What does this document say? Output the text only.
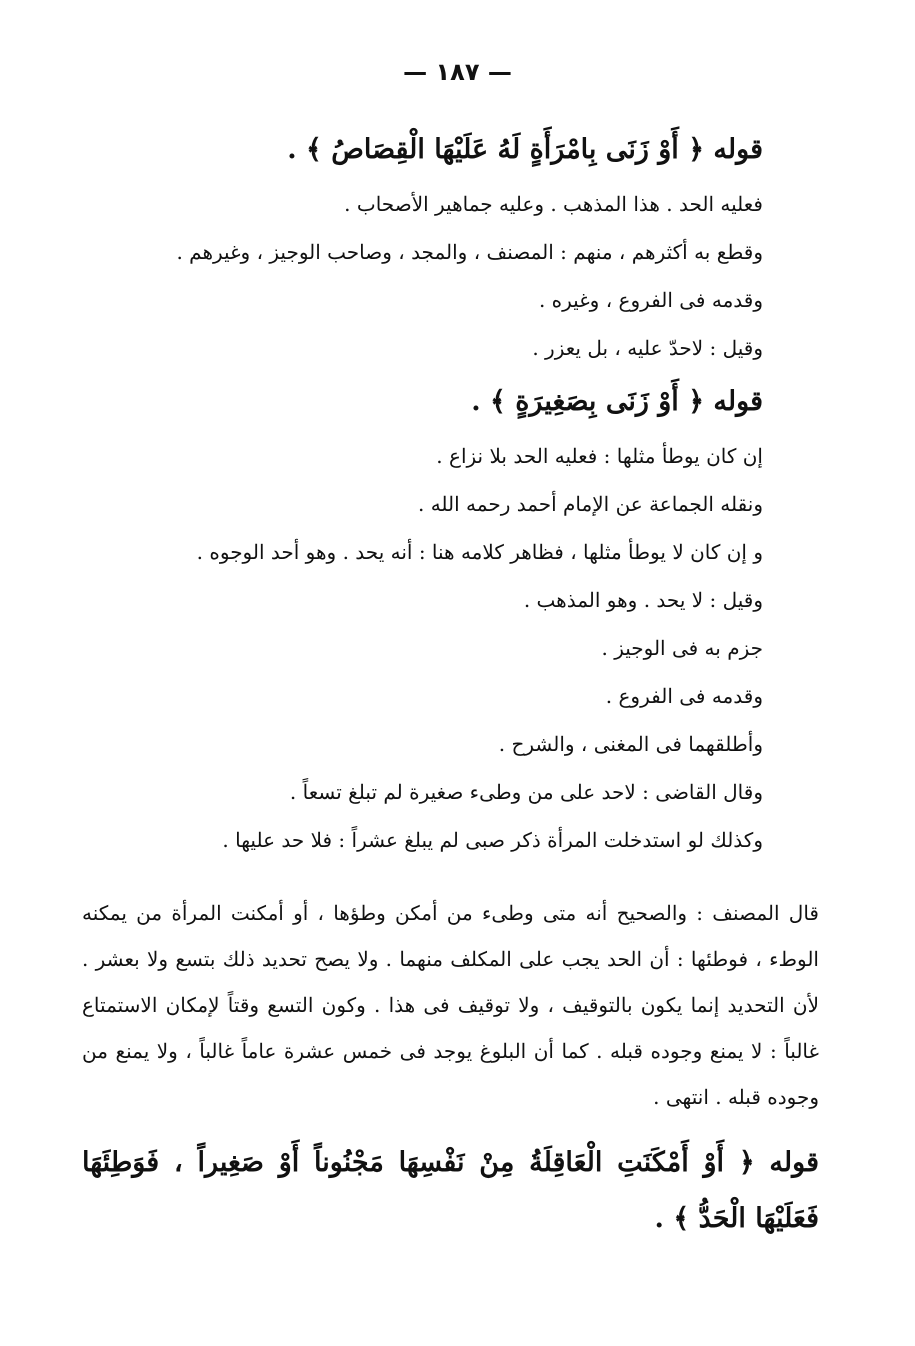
— ١٨٧ —
قوله ﴿ أَوْ زَنَى بِامْرَأَةٍ لَهُ عَلَيْهَا الْقِصَاصُ ﴾ .
فعليه الحد . هذا المذهب . وعليه جماهير الأصحاب .
وقطع به أكثرهم ، منهم : المصنف ، والمجد ، وصاحب الوجيز ، وغيرهم .
وقدمه فى الفروع ، وغيره .
وقيل : لاحدّ عليه ، بل يعزر .
قوله ﴿ أَوْ زَنَى بِصَغِيرَةٍ ﴾ .
إن كان يوطأ مثلها : فعليه الحد بلا نزاع .
ونقله الجماعة عن الإمام أحمد رحمه الله .
و إن كان لا يوطأ مثلها ، فظاهر كلامه هنا : أنه يحد . وهو أحد الوجوه .
وقيل : لا يحد . وهو المذهب .
جزم به فى الوجيز .
وقدمه فى الفروع .
وأطلقهما فى المغنى ، والشرح .
وقال القاضى : لاحد على من وطىء صغيرة لم تبلغ تسعاً .
وكذلك لو استدخلت المرأة ذكر صبى لم يبلغ عشراً : فلا حد عليها .
قال المصنف : والصحيح أنه متى وطىء من أمكن وطؤها ، أو أمكنت المرأة من يمكنه الوطء ، فوطئها : أن الحد يجب على المكلف منهما . ولا يصح تحديد ذلك بتسع ولا بعشر . لأن التحديد إنما يكون بالتوقيف ، ولا توقيف فى هذا . وكون التسع وقتاً لإمكان الاستمتاع غالباً : لا يمنع وجوده قبله . كما أن البلوغ يوجد فى خمس عشرة عاماً غالباً ، ولا يمنع من وجوده قبله . انتهى .
قوله ﴿ أَوْ أَمْكَنَتِ الْعَاقِلَةُ مِنْ نَفْسِهَا مَجْنُوناً أَوْ صَغِيراً ، فَوَطِئَهَا فَعَلَيْهَا الْحَدُّ ﴾ .
